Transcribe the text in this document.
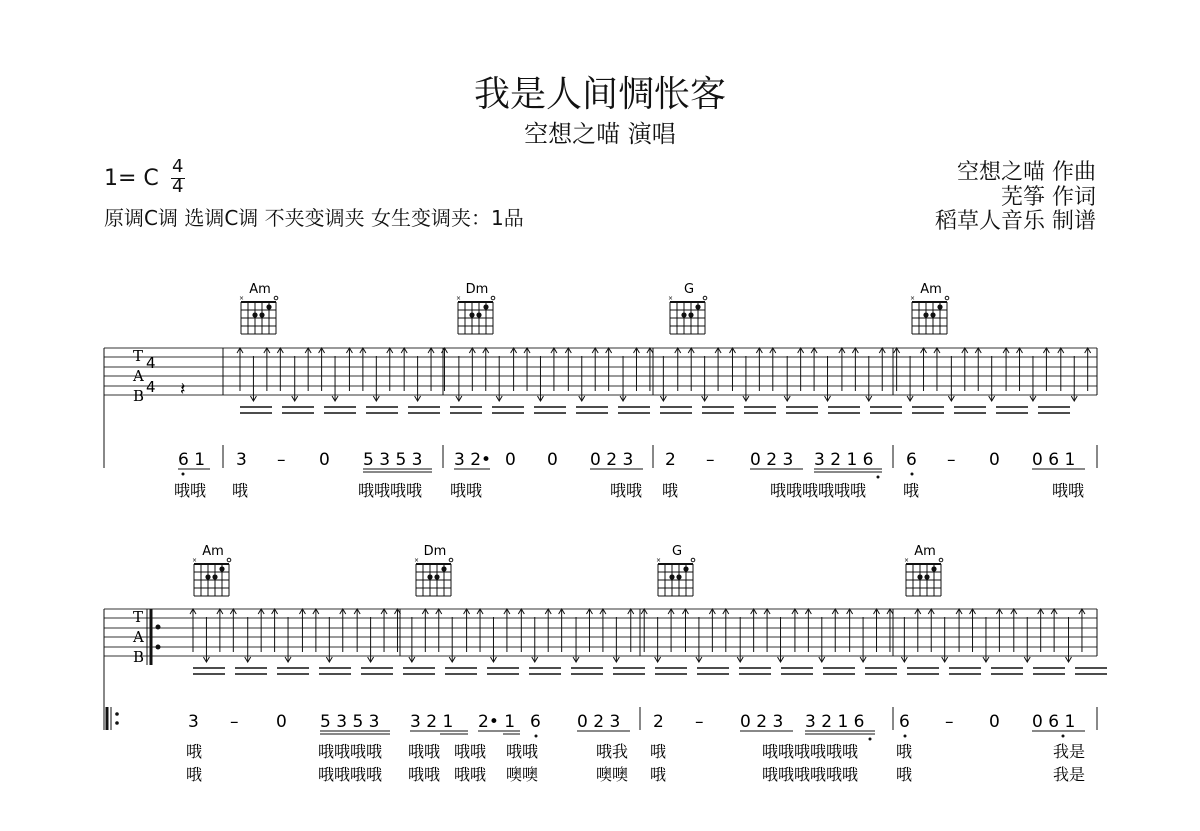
我是人间惆怅客
空想之喵 演唱
1= C 4
4
原调C调 选调C调 不夹变调夹 女生变调夹：1品
空想之喵 作曲
芜筝 作词
稻草人音乐 制谱
Am
×
Dm
×
G
×
Am
×
T
A
B
4
4 𝄽
6 1 3 – 0 5 3 5 3 3 2• 0 0 0 2 3 2 – 0 2 3 3 2 1 6 6 – 0 0 6 1
哦哦 哦	哦哦哦哦 哦哦	哦哦 哦	哦哦哦哦哦哦 哦	哦哦
Am
×
Dm
×
G
×
Am
×
T
A
B
3 – 0 5 3 5 3 3 2 1 2• 1 6 0 2 3 2 – 0 2 3 3 2 1 6 6 – 0 0 6 1
哦	哦哦哦哦 哦哦 哦哦 哦哦	哦我 哦	哦哦哦哦哦哦 哦	我是
哦	哦哦哦哦 哦哦 哦哦 噢噢	噢噢 哦	哦哦哦哦哦哦 哦	我是
